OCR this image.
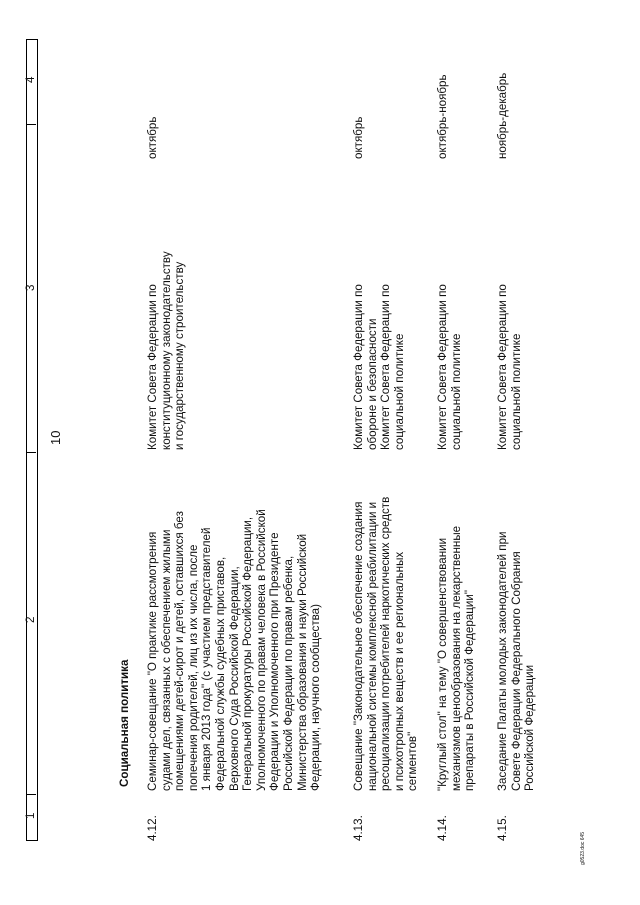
1
2
3
4
10
Социальная политика
4.12.
Семинар-совещание "О практике рассмотрения судами дел, связанных с обеспечением жилыми помещениями детей-сирот и детей, оставшихся без попечения родителей, лиц из их числа, после 1 января 2013 года" (с участием представителей Федеральной службы судебных приставов, Верховного Суда Российской Федерации, Генеральной прокуратуры Российской Федерации, Уполномоченного по правам человека в Российской Федерации и Уполномоченного при Президенте Российской Федерации по правам ребенка, Министерства образования и науки Российской Федерации, научного сообщества)
Комитет Совета Федерации по конституционному законодательству и государственному строительству
октябрь
4.13.
Совещание "Законодательное обеспечение создания национальной системы комплексной реабилитации и ресоциализации потребителей наркотических средств и психотропных веществ и ее региональных сегментов"
Комитет Совета Федерации по обороне и безопасности Комитет Совета Федерации по социальной политике
октябрь
4.14.
"Круглый стол" на тему "О совершенствовании механизмов ценообразования на лекарственные препараты в Российской Федерации"
Комитет Совета Федерации по социальной политике
октябрь-ноябрь
4.15.
Заседание Палаты молодых законодателей при Совете Федерации Федерального Собрания Российской Федерации
Комитет Совета Федерации по социальной политике
ноябрь-декабрь
g0523.doc 645
